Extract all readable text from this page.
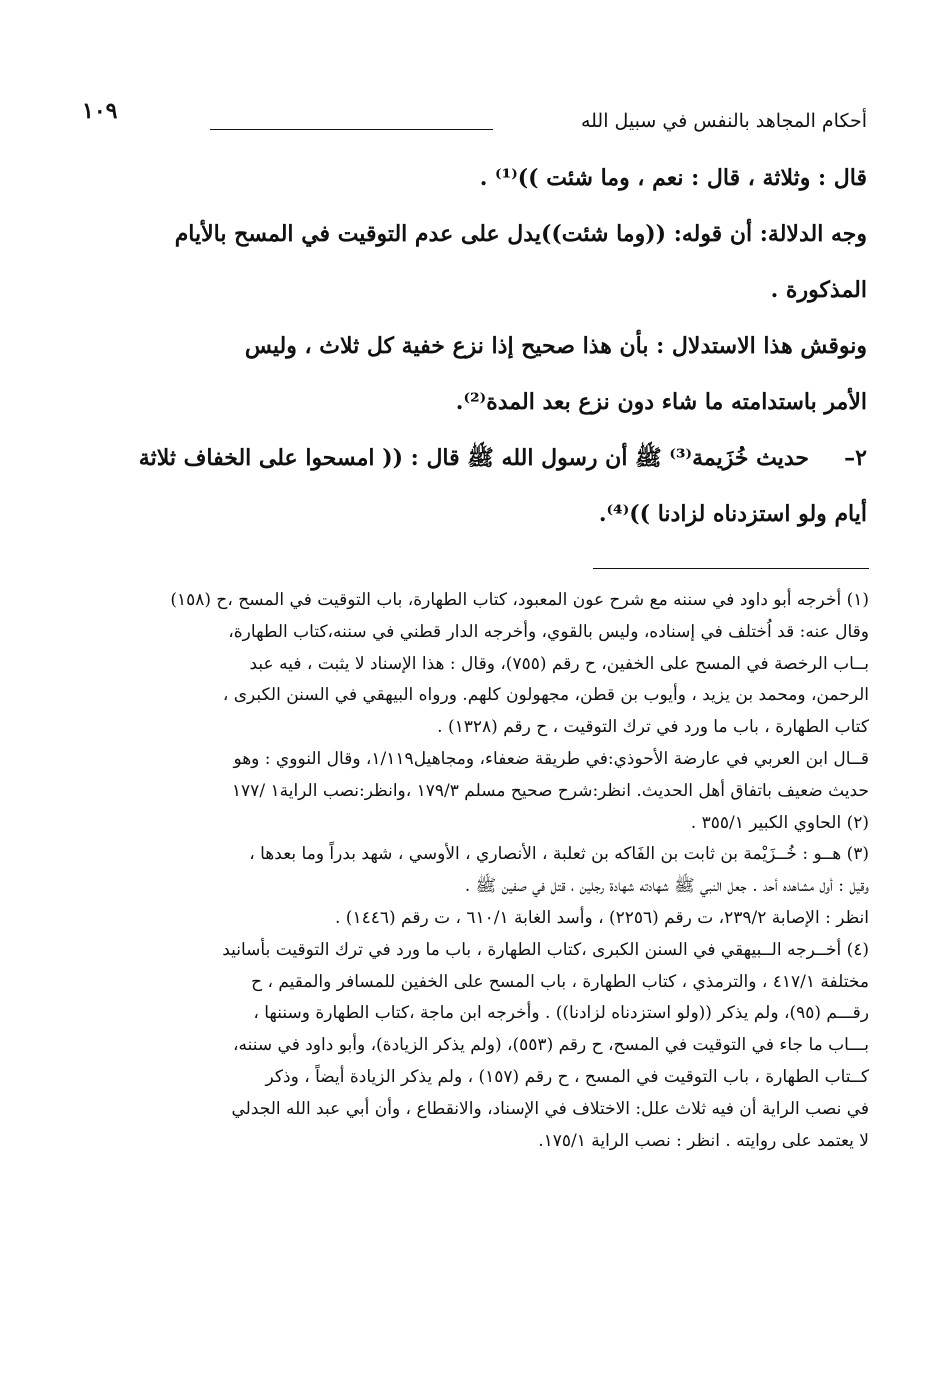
أحكام المجاهد بالنفس في سبيل الله
١٠٩

قال : وثلاثة ، قال : نعم ، وما شئت ))⁽¹⁾ .

وجه الدلالة: أن قوله: ((وما شئت))يدل على عدم التوقيت في المسح بالأيام

المذكورة .

ونوقش هذا الاستدلال : بأن هذا صحيح إذا نزع خفية كل ثلاث ، وليس

الأمر باستدامته ما شاء دون نزع بعد المدة⁽²⁾.

٢–حديث خُزَيمة⁽³⁾ ﷺ أن رسول الله ﷺ قال : (( امسحوا على الخفاف ثلاثة

أيام ولو استزدناه لزادنا ))⁽⁴⁾.

(١) أخرجه أبو داود في سننه مع شرح عون المعبود، كتاب الطهارة، باب التوقيت في المسح ،ح (١٥٨)

وقال عنه: قد اُختلف في إسناده، وليس بالقوي، وأخرجه الدار قطني في سننه،كتاب الطهارة،

بــاب الرخصة في المسح على الخفين، ح رقم (٧٥٥)، وقال : هذا الإسناد لا يثبت ، فيه عبد

الرحمن، ومحمد بن يزيد ، وأيوب بن قطن، مجهولون كلهم. ورواه البيهقي في السنن الكبرى ،

كتاب الطهارة ، باب ما ورد في ترك التوقيت ، ح رقم (١٣٢٨) .

قــال ابن العربي في عارضة الأحوذي:في طريقة ضعفاء، ومجاهيل١/١١٩، وقال النووي : وهو

حديث ضعيف باتفاق أهل الحديث. انظر:شرح صحيح مسلم ١٧٩/٣ ،وانظر:نصب الراية١ /١٧٧

(٢) الحاوي الكبير ٣٥٥/١ .

(٣) هــو : خُــزَيْمة بن ثابت بن الفَاكه بن ثعلبة ، الأنصاري ، الأوسي ، شهد بدراً وما بعدها ،

وقيل : أول مشاهده أحد . جعل النبي ﷺ شهادته شهادة رجلين ، قتل في صفين ﷺ .

انظر : الإصابة ٢٣٩/٢، ت رقم (٢٢٥٦) ، وأسد الغابة ٦١٠/١ ، ت رقم (١٤٤٦) .

(٤) أخــرجه الــبيهقي في السنن الكبرى ،كتاب الطهارة ، باب ما ورد في ترك التوقيت بأسانيد

مختلفة ٤١٧/١ ، والترمذي ، كتاب الطهارة ، باب المسح على الخفين للمسافر والمقيم ، ح

رقـــم (٩٥)، ولم يذكر ((ولو استزدناه لزادنا)) . وأخرجه ابن ماجة ،كتاب الطهارة وسننها ،

بـــاب ما جاء في التوقيت في المسح، ح رقم (٥٥٣)، (ولم يذكر الزيادة)، وأبو داود في سننه،

كــتاب الطهارة ، باب التوقيت في المسح ، ح رقم (١٥٧) ، ولم يذكر الزيادة أيضاً ، وذكر

في نصب الراية أن فيه ثلاث علل: الاختلاف في الإسناد، والانقطاع ، وأن أبي عبد الله الجدلي

لا يعتمد على روايته . انظر : نصب الراية ١٧٥/١.
